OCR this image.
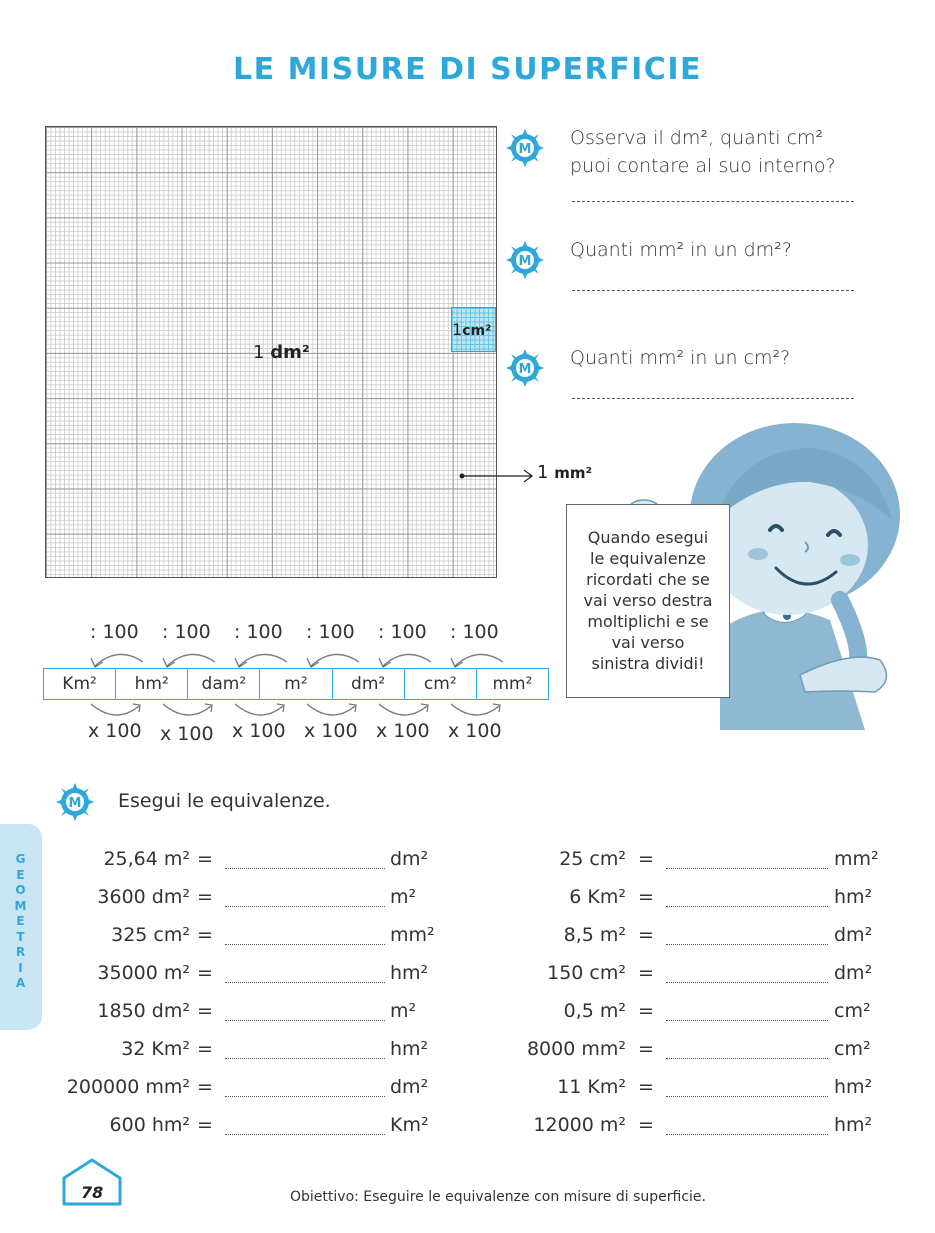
LE MISURE DI SUPERFICIE
1 dm²
1cm²
1 mm²
M
Osserva il dm², quanti cm²
puoi contare al suo interno?
M
Quanti mm² in un dm²?
M
Quanti mm² in un cm²?
Quando esegui
le equivalenze
ricordati che se
vai verso destra
moltiplichi e se
vai verso
sinistra dividi!
: 100 : 100 : 100 : 100 : 100 : 100
Km²	hm²	dam²	m²	dm²	cm²	mm²
x 100 x 100 x 100 x 100 x 100 x 100
M Esegui le equivalenze.
25,64 m² =	dm²
3600 dm² =	m²
325 cm² =	mm²
35000 m² =	hm²
1850 dm² =	m²
32 Km² =	hm²
200000 mm² =	dm²
600 hm² =	Km²
25 cm² =	mm²
6 Km² =	hm²
8,5 m² =	dm²
150 cm² =	dm²
0,5 m² =	cm²
8000 mm² =	cm²
11 Km² =	hm²
12000 m² =	hm²
G
E
O
M
E
T
R
I
A
78	Obiettivo: Eseguire le equivalenze con misure di superficie.
